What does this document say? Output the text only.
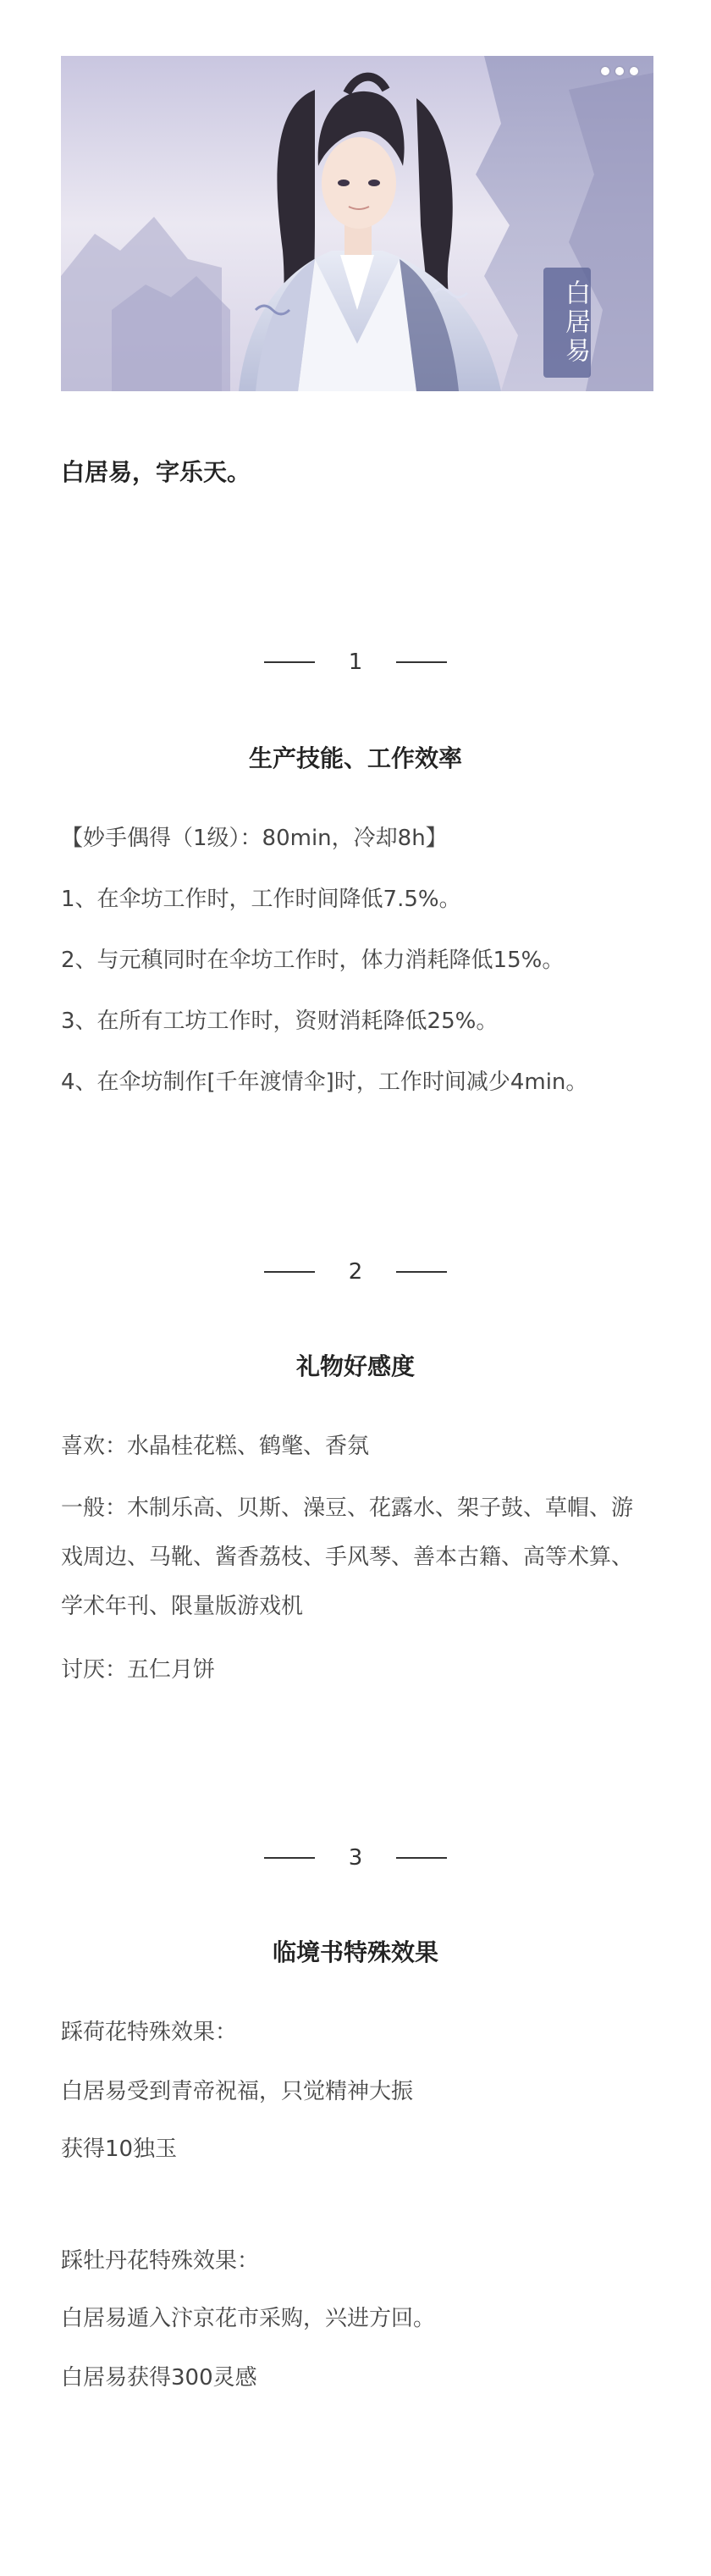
白居易
白居易，字乐天。
1
生产技能、工作效率
【妙手偶得（1级）：80min，冷却8h】
1、在伞坊工作时，工作时间降低7.5%。
2、与元稹同时在伞坊工作时，体力消耗降低15%。
3、在所有工坊工作时，资财消耗降低25%。
4、在伞坊制作[千年渡情伞]时，工作时间减少4min。
2
礼物好感度
喜欢：水晶桂花糕、鹤氅、香氛
一般：木制乐高、贝斯、澡豆、花露水、架子鼓、草帽、游戏周边、马靴、酱香荔枝、手风琴、善本古籍、高等术算、学术年刊、限量版游戏机
讨厌：五仁月饼
3
临境书特殊效果
踩荷花特殊效果：
白居易受到青帝祝福，只觉精神大振
获得10独玉
踩牡丹花特殊效果：
白居易遁入汴京花市采购，兴进方回。
白居易获得300灵感
